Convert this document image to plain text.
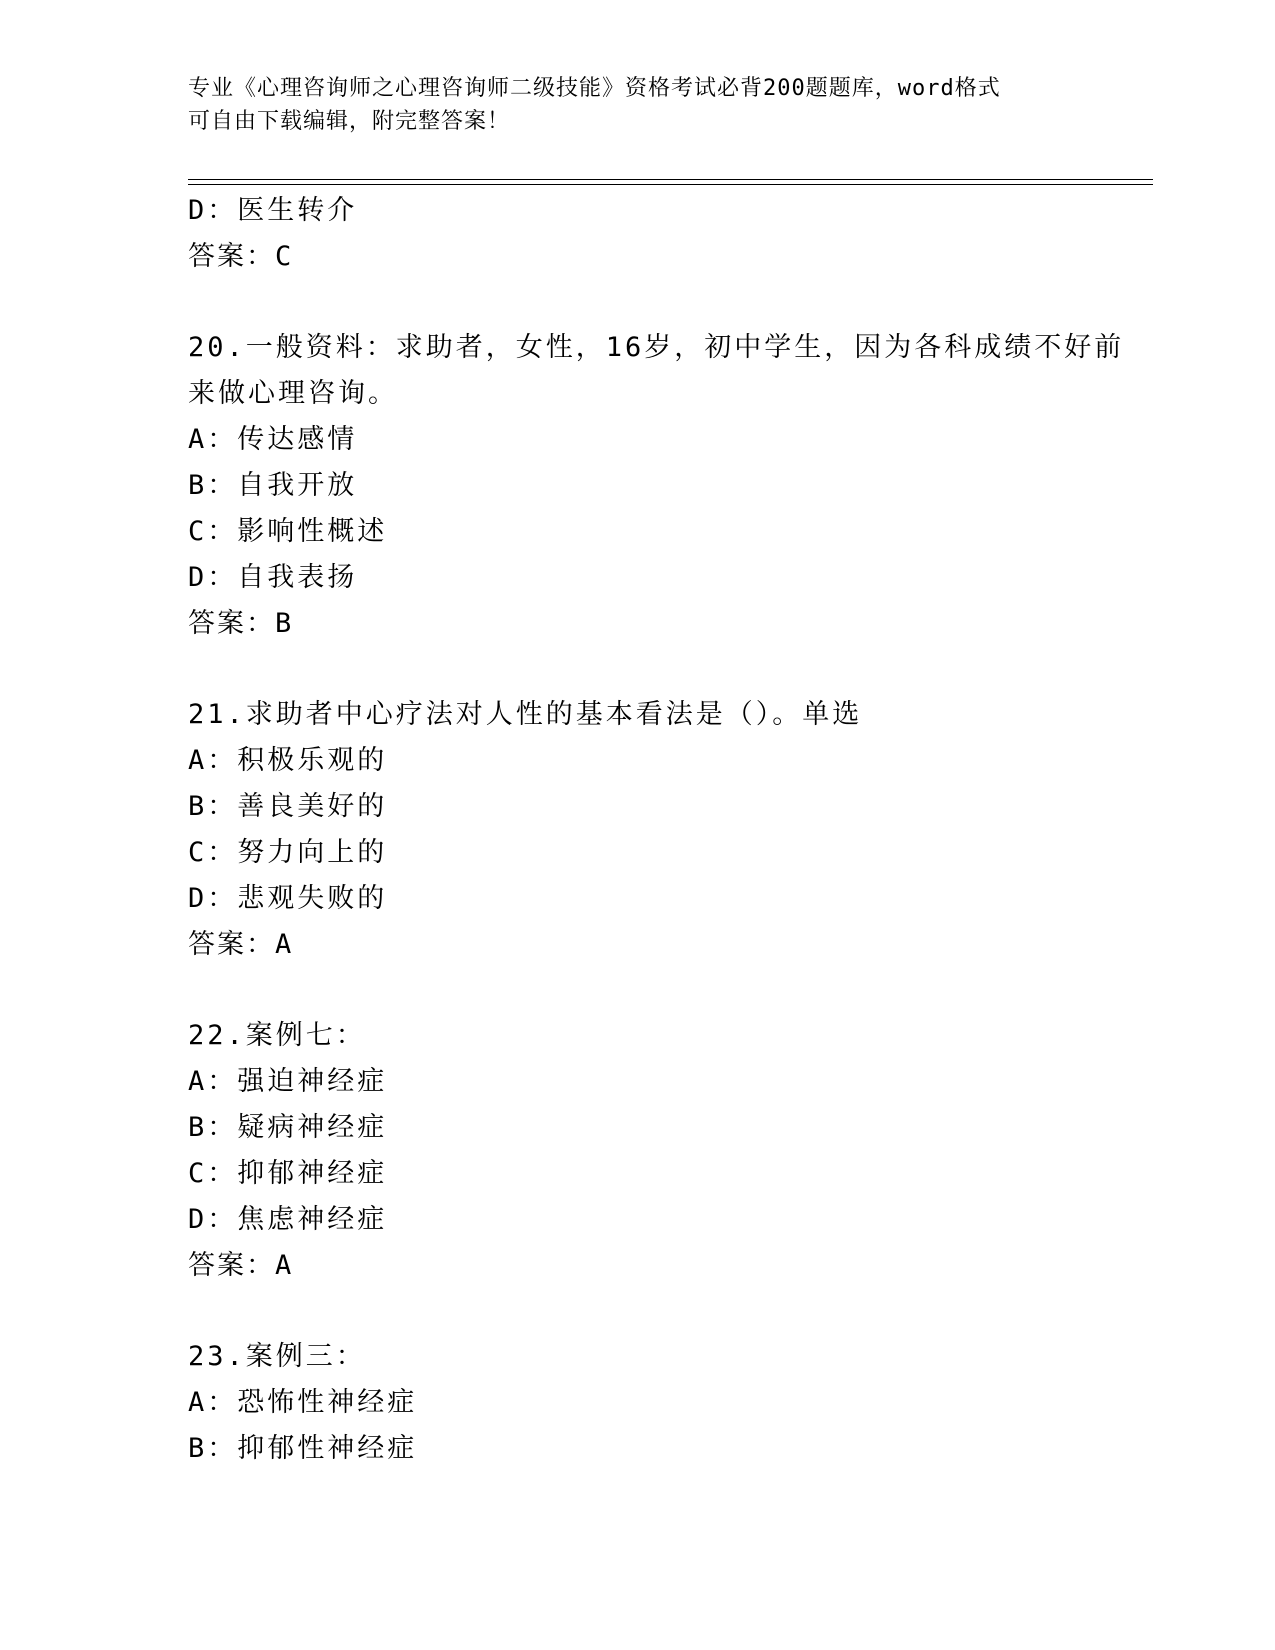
专业《心理咨询师之心理咨询师二级技能》资格考试必背200题题库，word格式
可自由下载编辑，附完整答案！
D：医生转介
答案：C
20.一般资料：求助者，女性，16岁，初中学生，因为各科成绩不好前
来做心理咨询。
A：传达感情
B：自我开放
C：影响性概述
D：自我表扬
答案：B
21.求助者中心疗法对人性的基本看法是（）。单选
A：积极乐观的
B：善良美好的
C：努力向上的
D：悲观失败的
答案：A
22.案例七：
A：强迫神经症
B：疑病神经症
C：抑郁神经症
D：焦虑神经症
答案：A
23.案例三：
A：恐怖性神经症
B：抑郁性神经症
